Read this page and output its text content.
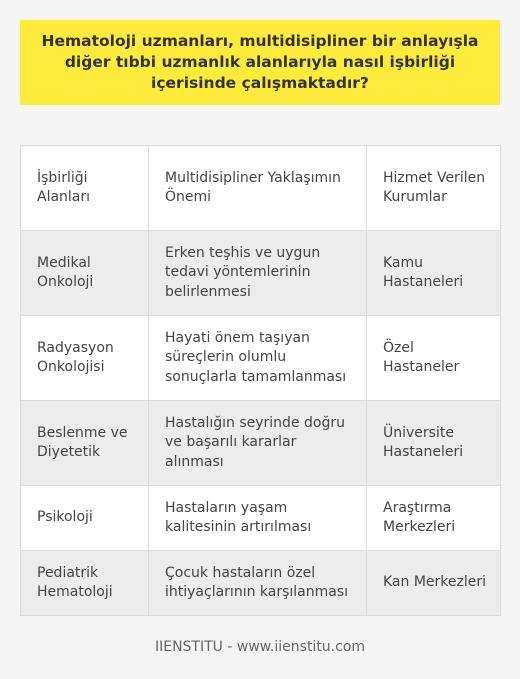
Hematoloji uzmanları, multidisipliner bir anlayışla diğer tıbbi uzmanlık alanlarıyla nasıl işbirliği içerisinde çalışmaktadır?
İşbirliği Alanları	Multidisipliner Yaklaşımın Önemi	Hizmet Verilen Kurumlar
Medikal Onkoloji	Erken teşhis ve uygun tedavi yöntemlerinin belirlenmesi	Kamu Hastaneleri
Radyasyon Onkolojisi	Hayati önem taşıyan süreçlerin olumlu sonuçlarla tamamlanması	Özel Hastaneler
Beslenme ve Diyetetik	Hastalığın seyrinde doğru ve başarılı kararlar alınması	Üniversite Hastaneleri
Psikoloji	Hastaların yaşam kalitesinin artırılması	Araştırma Merkezleri
Pediatrik Hematoloji	Çocuk hastaların özel ihtiyaçlarının karşılanması	Kan Merkezleri
IIENSTITU - www.iienstitu.com
